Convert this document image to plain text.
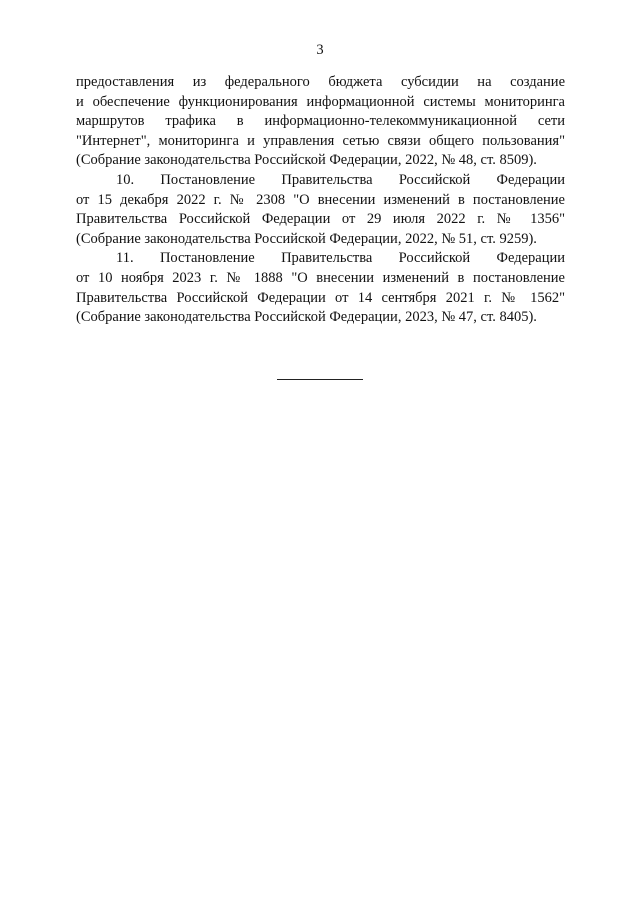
3
предоставления из федерального бюджета субсидии на создание
и обеспечение функционирования информационной системы мониторинга
маршрутов трафика в информационно-телекоммуникационной сети
"Интернет", мониторинга и управления сетью связи общего пользования"
(Собрание законодательства Российской Федерации, 2022, № 48, ст. 8509).
10. Постановление Правительства Российской Федерации
от 15 декабря 2022 г. № 2308 "О внесении изменений в постановление
Правительства Российской Федерации от 29 июля 2022 г. № 1356"
(Собрание законодательства Российской Федерации, 2022, № 51, ст. 9259).
11. Постановление Правительства Российской Федерации
от 10 ноября 2023 г. № 1888 "О внесении изменений в постановление
Правительства Российской Федерации от 14 сентября 2021 г. № 1562"
(Собрание законодательства Российской Федерации, 2023, № 47, ст. 8405).
